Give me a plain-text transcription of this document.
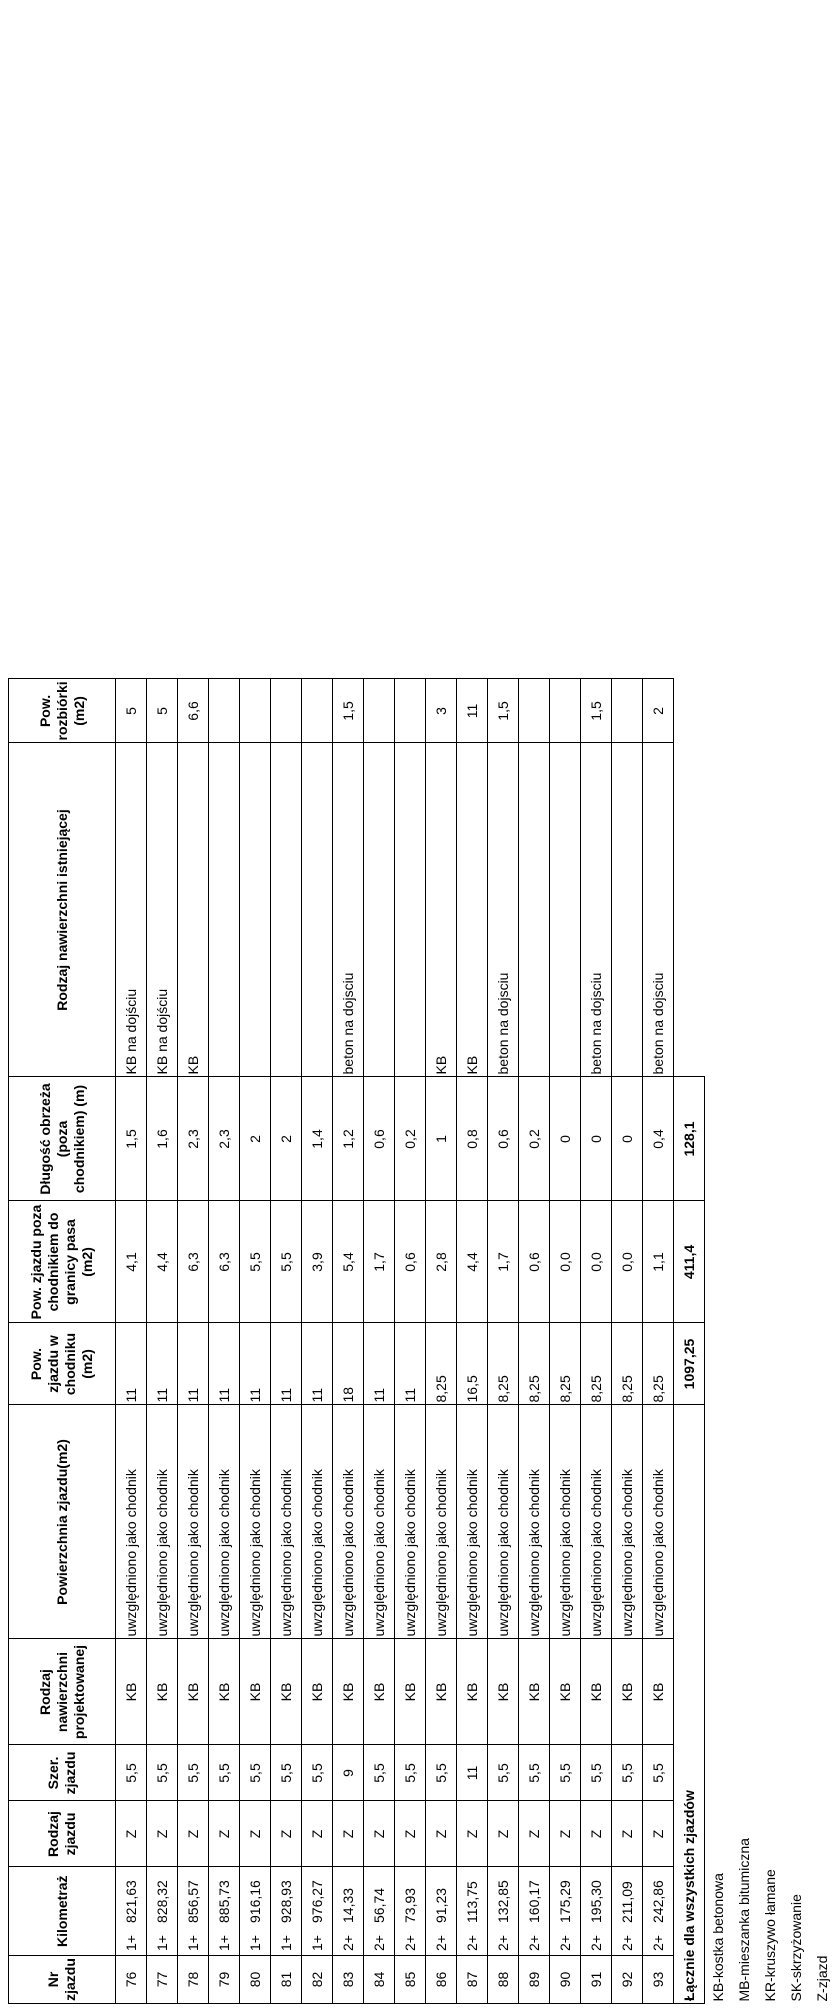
Nr zjazdu	Kilometraż		Rodzaj zjazdu	Szer. zjazdu	Rodzaj nawierzchni projektowanej	Powierzchnia zjazdu(m2)	Pow. zjazdu w chodniku (m2)	Pow. zjazdu poza chodnikiem do granicy pasa (m2)	Długość obrzeża (poza chodnikiem) (m)	Rodzaj nawierzchni istniejącej	Pow. rozbiórki (m2)
76	1+	821,63	Z	5,5	KB	uwzględniono jako chodnik	11	4,1	1,5	KB na dojściu	5
77	1+	828,32	Z	5,5	KB	uwzględniono jako chodnik	11	4,4	1,6	KB na dojściu	5
78	1+	856,57	Z	5,5	KB	uwzględniono jako chodnik	11	6,3	2,3	KB	6,6
79	1+	885,73	Z	5,5	KB	uwzględniono jako chodnik	11	6,3	2,3		
80	1+	916,16	Z	5,5	KB	uwzględniono jako chodnik	11	5,5	2		
81	1+	928,93	Z	5,5	KB	uwzględniono jako chodnik	11	5,5	2		
82	1+	976,27	Z	5,5	KB	uwzględniono jako chodnik	11	3,9	1,4		
83	2+	14,33	Z	9	KB	uwzględniono jako chodnik	18	5,4	1,2	beton na dojsciu	1,5
84	2+	56,74	Z	5,5	KB	uwzględniono jako chodnik	11	1,7	0,6		
85	2+	73,93	Z	5,5	KB	uwzględniono jako chodnik	11	0,6	0,2		
86	2+	91,23	Z	5,5	KB	uwzględniono jako chodnik	8,25	2,8	1	KB	3
87	2+	113,75	Z	11	KB	uwzględniono jako chodnik	16,5	4,4	0,8	KB	11
88	2+	132,85	Z	5,5	KB	uwzględniono jako chodnik	8,25	1,7	0,6	beton na dojsciu	1,5
89	2+	160,17	Z	5,5	KB	uwzględniono jako chodnik	8,25	0,6	0,2		
90	2+	175,29	Z	5,5	KB	uwzględniono jako chodnik	8,25	0,0	0		
91	2+	195,30	Z	5,5	KB	uwzględniono jako chodnik	8,25	0,0	0	beton na dojsciu	1,5
92	2+	211,09	Z	5,5	KB	uwzględniono jako chodnik	8,25	0,0	0		
93	2+	242,86	Z	5,5	KB	uwzględniono jako chodnik	8,25	1,1	0,4	beton na dojsciu	2
Łącznie dla wszystkich zjazdów							1097,25	411,4	128,1		
KB-kostka betonowa											
MB-mieszanka bitumiczna											
KR-kruszywo łamane											
SK-skrzyżowanie											
Z-zjazd											
